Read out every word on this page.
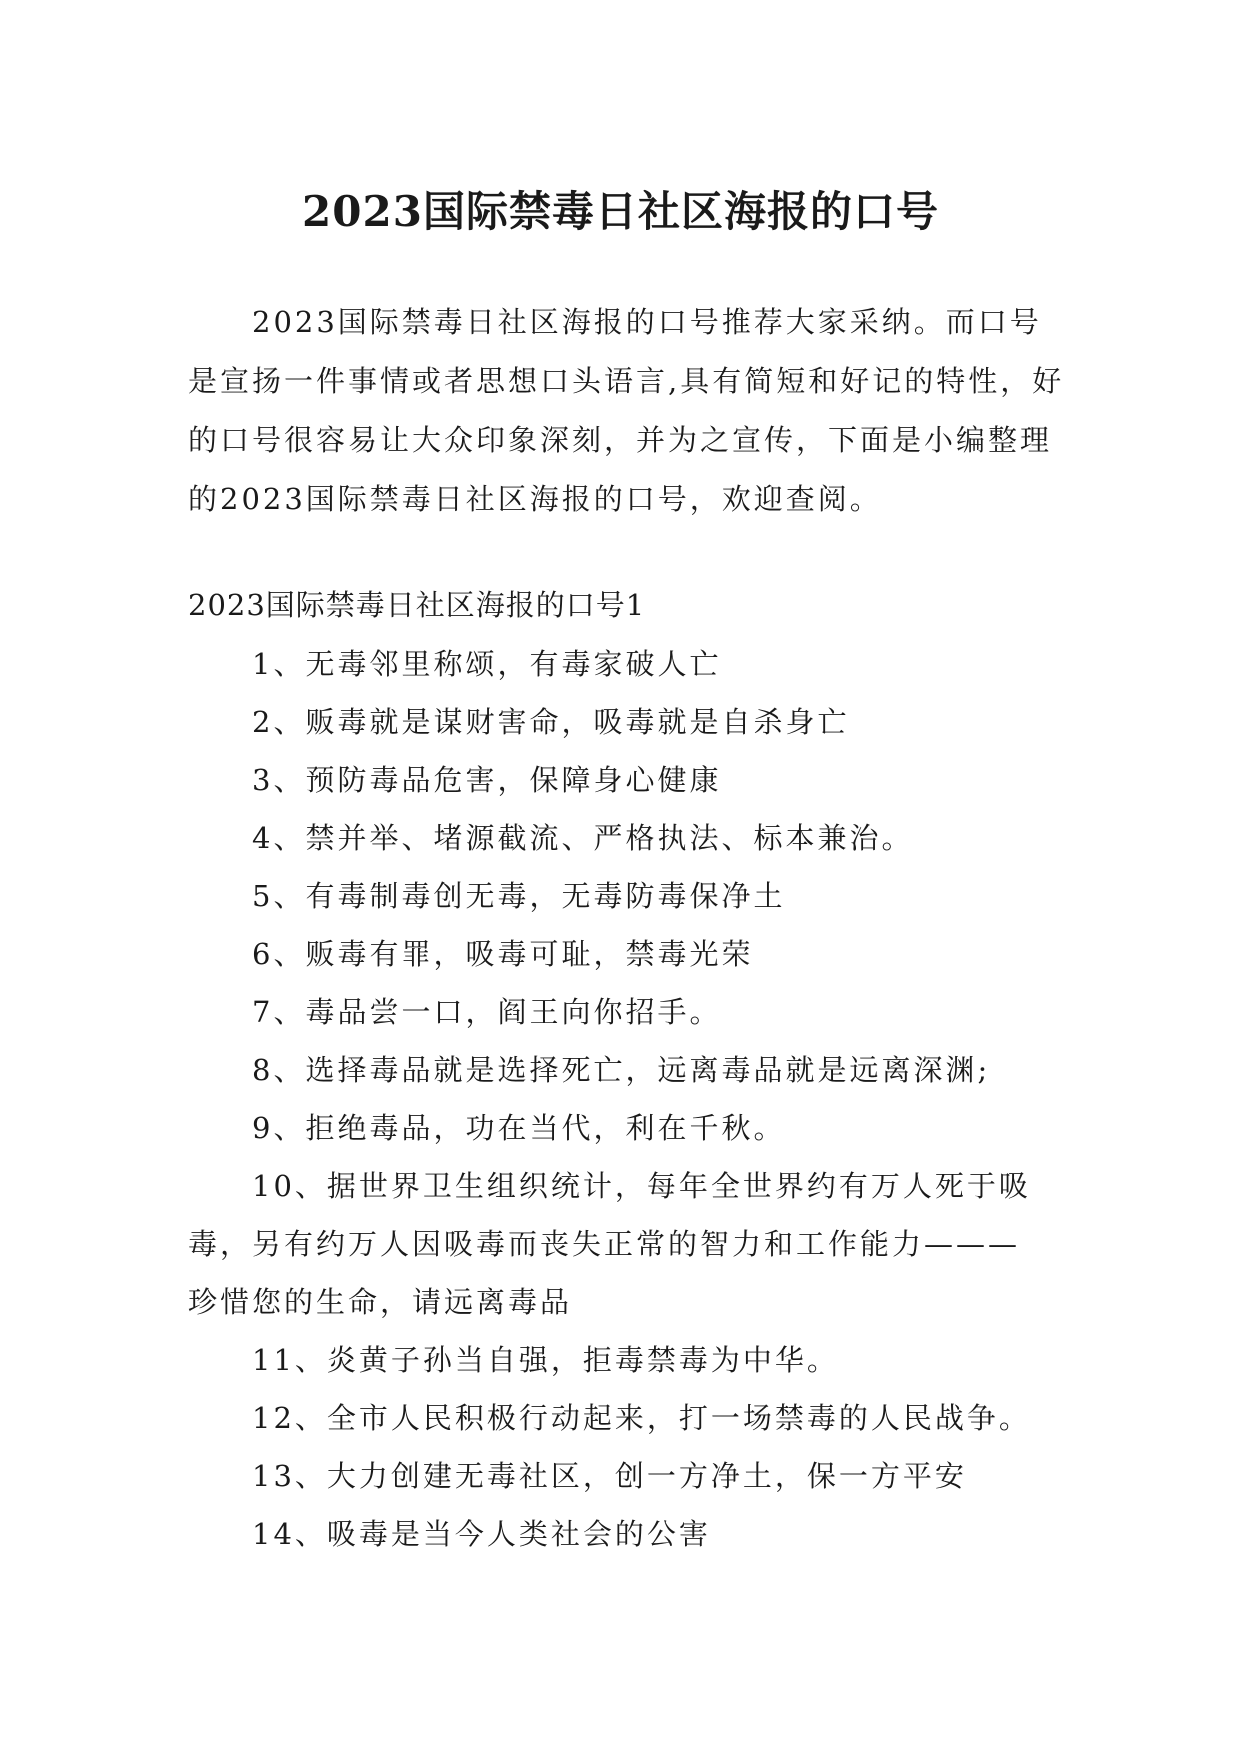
2023国际禁毒日社区海报的口号

2023国际禁毒日社区海报的口号推荐大家采纳。而口号是宣扬一件事情或者思想口头语言,具有简短和好记的特性，好的口号很容易让大众印象深刻，并为之宣传，下面是小编整理的2023国际禁毒日社区海报的口号，欢迎查阅。

2023国际禁毒日社区海报的口号1

1、无毒邻里称颂，有毒家破人亡
2、贩毒就是谋财害命，吸毒就是自杀身亡
3、预防毒品危害，保障身心健康
4、禁并举、堵源截流、严格执法、标本兼治。
5、有毒制毒创无毒，无毒防毒保净土
6、贩毒有罪，吸毒可耻，禁毒光荣
7、毒品尝一口，阎王向你招手。
8、选择毒品就是选择死亡，远离毒品就是远离深渊;
9、拒绝毒品，功在当代，利在千秋。
10、据世界卫生组织统计，每年全世界约有万人死于吸毒，另有约万人因吸毒而丧失正常的智力和工作能力———珍惜您的生命，请远离毒品
11、炎黄子孙当自强，拒毒禁毒为中华。
12、全市人民积极行动起来，打一场禁毒的人民战争。
13、大力创建无毒社区，创一方净土，保一方平安
14、吸毒是当今人类社会的公害
